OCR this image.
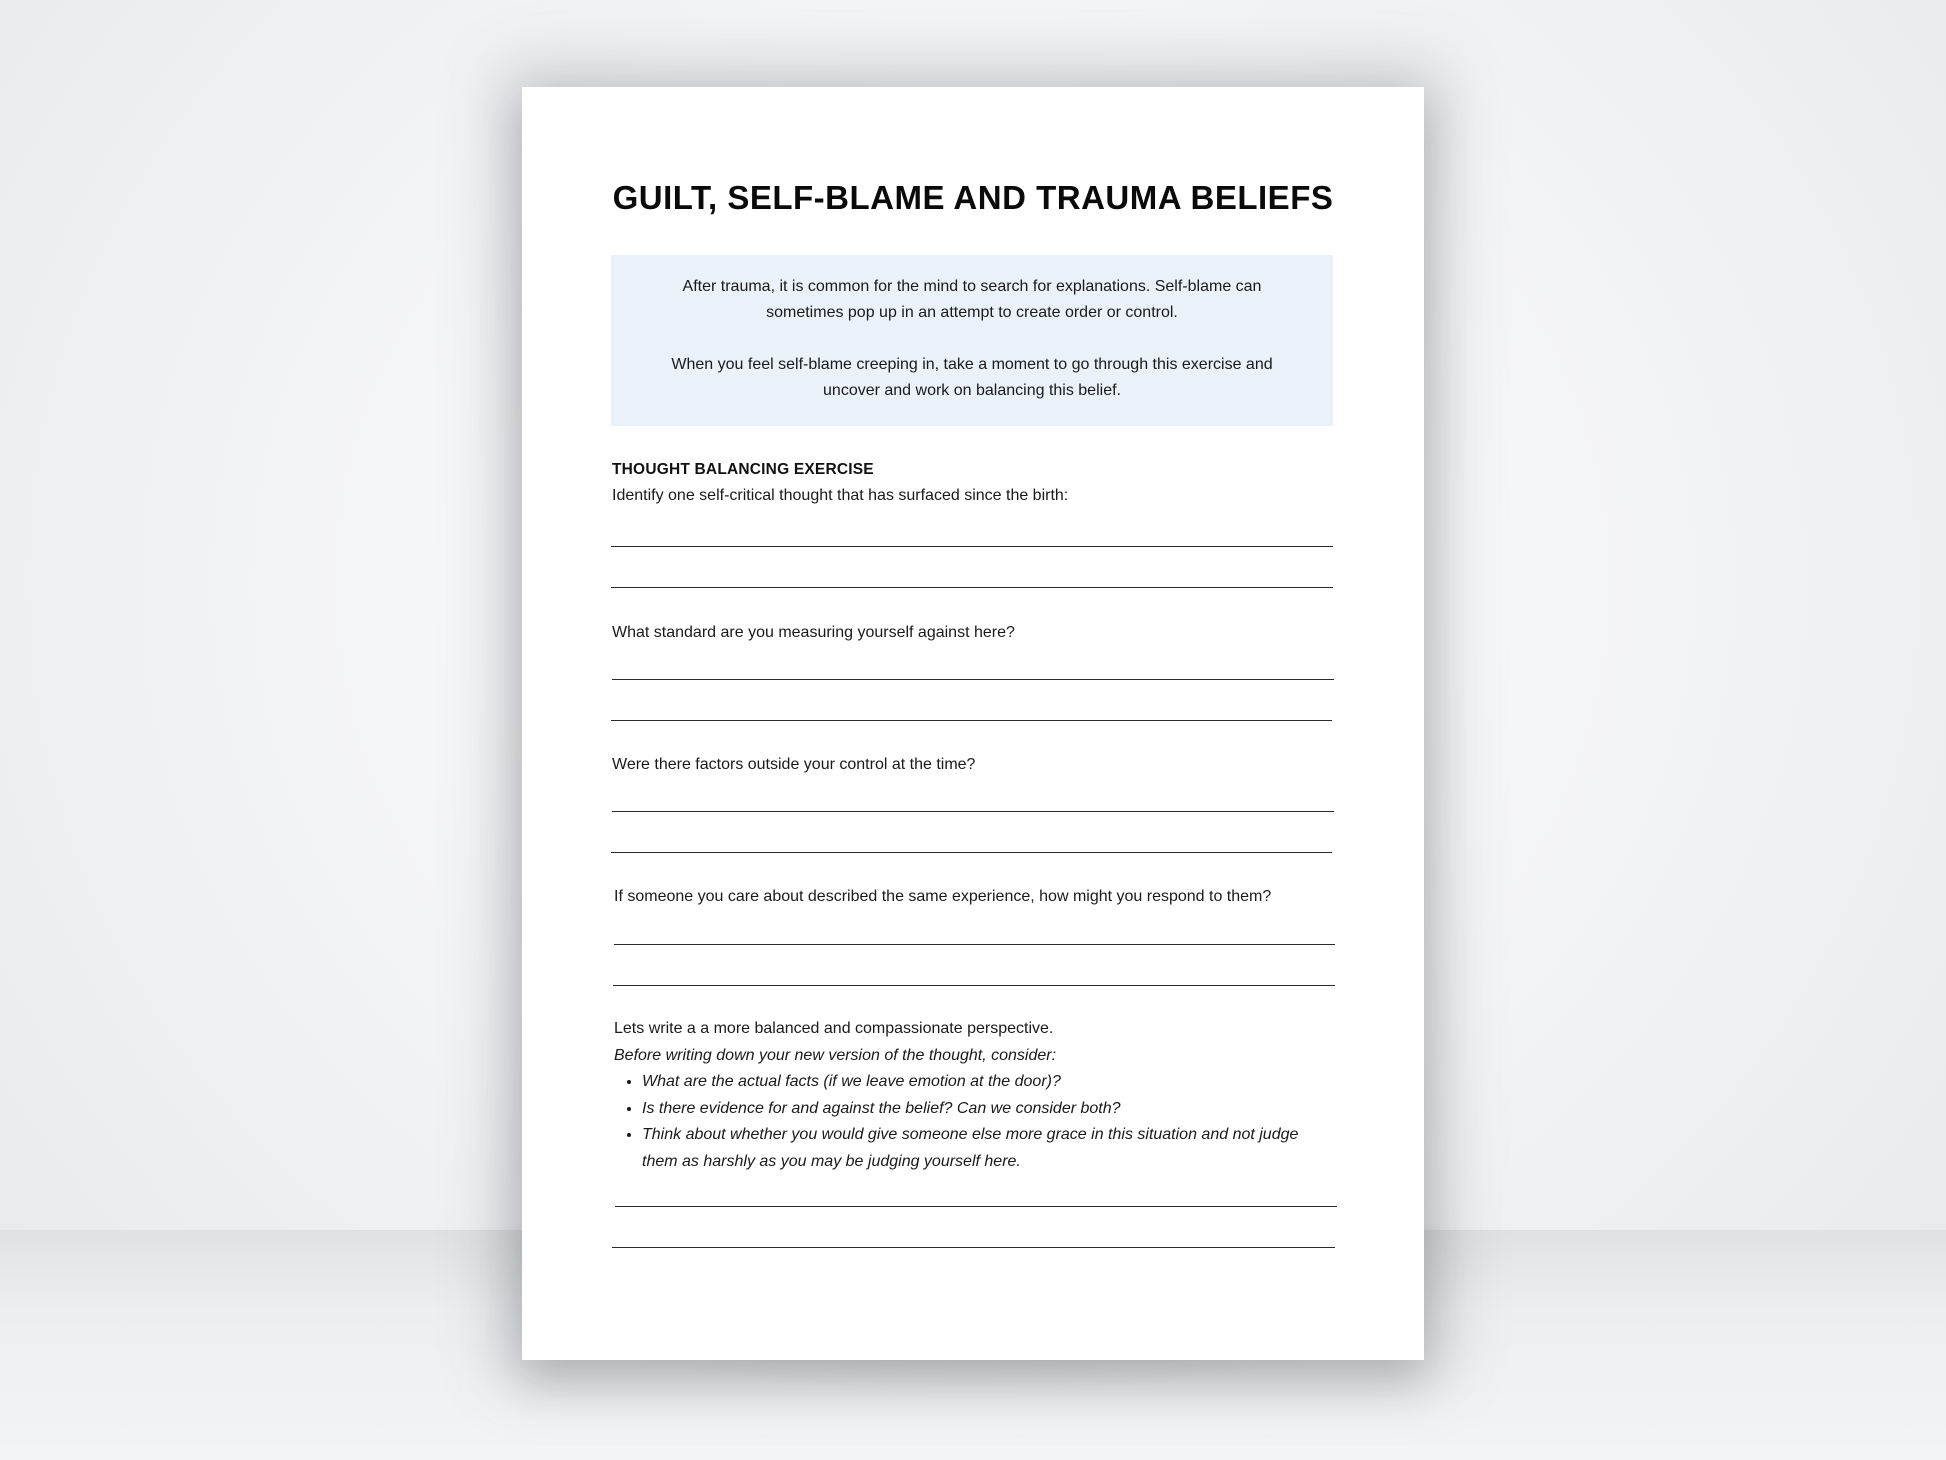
GUILT, SELF-BLAME AND TRAUMA BELIEFS

After trauma, it is common for the mind to search for explanations. Self-blame can sometimes pop up in an attempt to create order or control.

When you feel self-blame creeping in, take a moment to go through this exercise and uncover and work on balancing this belief.

THOUGHT BALANCING EXERCISE
Identify one self-critical thought that has surfaced since the birth:
What standard are you measuring yourself against here?
Were there factors outside your control at the time?
If someone you care about described the same experience, how might you respond to them?

Lets write a a more balanced and compassionate perspective.

Before writing down your new version of the thought, consider:

• What are the actual facts (if we leave emotion at the door)?
• Is there evidence for and against the belief? Can we consider both?
• Think about whether you would give someone else more grace in this situation and not judge them as harshly as you may be judging yourself here.
